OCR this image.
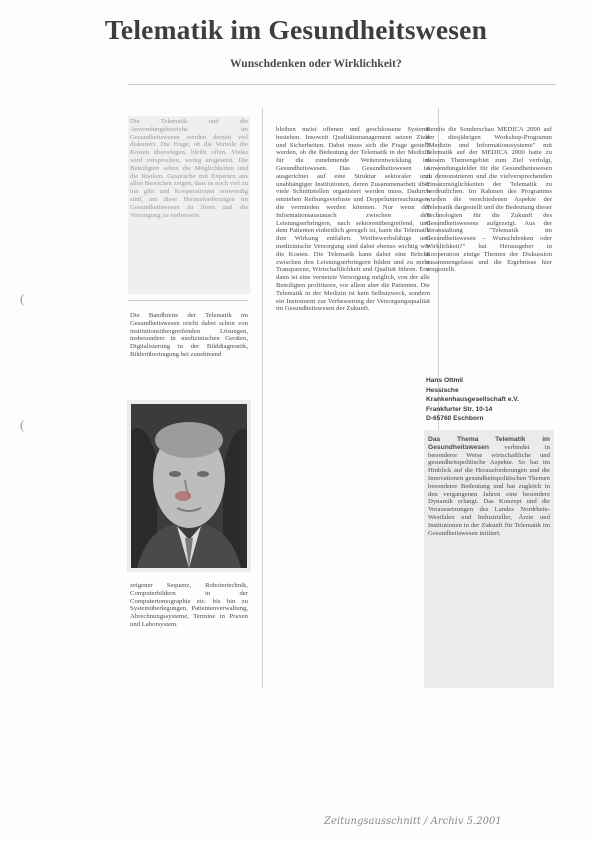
Telematik im Gesundheitswesen
Wunschdenken oder Wirklichkeit?
Die Telematik und die Anwendungsbereiche im Gesundheitswesen werden derzeit viel diskutiert. Die Frage, ob die Vorteile die Kosten überwiegen, bleibt offen. Vieles wird versprochen, wenig umgesetzt. Die Beteiligten sehen die Möglichkeiten und die Risiken. Gespräche mit Experten aus allen Bereichen zeigen, dass es noch viel zu tun gibt und Kooperationen notwendig sind, um diese Herausforderungen im Gesundheitswesen zu lösen und die Versorgung zu verbessern.
Die Bandbreite der Telematik im Gesundheitswesen reicht dabei schon von institutionsübergreifenden Lösungen, insbesondere in medizinischen Geräten, Digitalisierung in der Bilddiagnostik, Bilderübertragung bei zunehmend
zeigener Sequenz, Robotertechnik, Computerbildern in der Computertomographie etc. bis hin zu Systemüberlegungen, Patientenverwaltung, Abrechnungssysteme, Termine in Praxen und Laborsystem.
bleiben meist offenen und geschlossene Systeme bestehen. Insoweit Qualitätsmanagement setzen Ziele und Sicherheiten. Dabei muss sich die Frage gestellt werden, ob die Bedeutung der Telematik in der Medizin für die zunehmende Weiterentwicklung im Gesundheitswesen. Das Gesundheitswesen ist ausgerichtet auf eine Struktur sektoraler und unabhängiger Institutionen, deren Zusammenarbeit über viele Schnittstellen organisiert werden muss. Dadurch entstehen Reibungsverluste und Doppeluntersuchungen, die vermieden werden könnten. Nur wenn der Informationsaustausch zwischen den Leistungserbringern, nach sektorenübergreifend, und dem Patienten einheitlich geregelt ist, kann die Telematik ihre Wirkung entfalten. Wettbewerbsfähige und medizinische Versorgung sind dabei ebenso wichtig wie die Kosten. Die Telematik kann dabei eine Brücke zwischen den Leistungserbringern bilden und zu mehr Transparenz, Wirtschaftlichkeit und Qualität führen. Erst dann ist eine vernetzte Versorgung möglich, von der alle Beteiligten profitieren, vor allem aber die Patienten. Die Telematik in der Medizin ist kein Selbstzweck, sondern ein Instrument zur Verbesserung der Versorgungsqualität im Gesundheitswesen der Zukunft.
Bereits die Sonderschau MEDICA 2000 auf der diesjährigen Workshop-Programm "Medizin und Informationssysteme" mit Telematik auf der MEDICA 2000 hatte zu diesem Themengebiet zum Ziel verfolgt, Anwendungsfelder für die Gesundheitswesen zu demonstrieren und die vielversprechenden Einsatzmöglichkeiten der Telematik zu verdeutlichen. Im Rahmen des Programms wurden die verschiedenen Aspekte der Telematik dargestellt und die Bedeutung dieser Technologien für die Zukunft des Gesundheitswesens aufgezeigt. Aus der Veranstaltung "Telematik im Gesundheitswesen – Wunschdenken oder Wirklichkeit?" hat Herausgeber in Kooperation einige Themen der Diskussion zusammengefasst und die Ergebnisse hier vorgestellt.
Hans Ottmil
Hessische
Krankenhausgesellschaft e.V.
Frankfurter Str. 10-14
D-65760 Eschborn
Das Thema Telematik im Gesundheitswesen verbindet in besonderer Weise wirtschaftliche und gesundheitspolitische Aspekte. So hat im Hinblick auf die Herausforderungen und die Innovationen gesundheitspolitischen Themen besonderer Bedeutung und hat zugleich in den vergangenen Jahren eine besondere Dynamik erlangt. Das Konzept und die Voraussetzungen des Landes Nordrhein-Westfalen und Industrieller, Ärzte und Institutionen in der Zukunft für Telematik im Gesundheitswesen initiiert.
(
(
Zeitungsausschnitt / Archiv 5.2001
